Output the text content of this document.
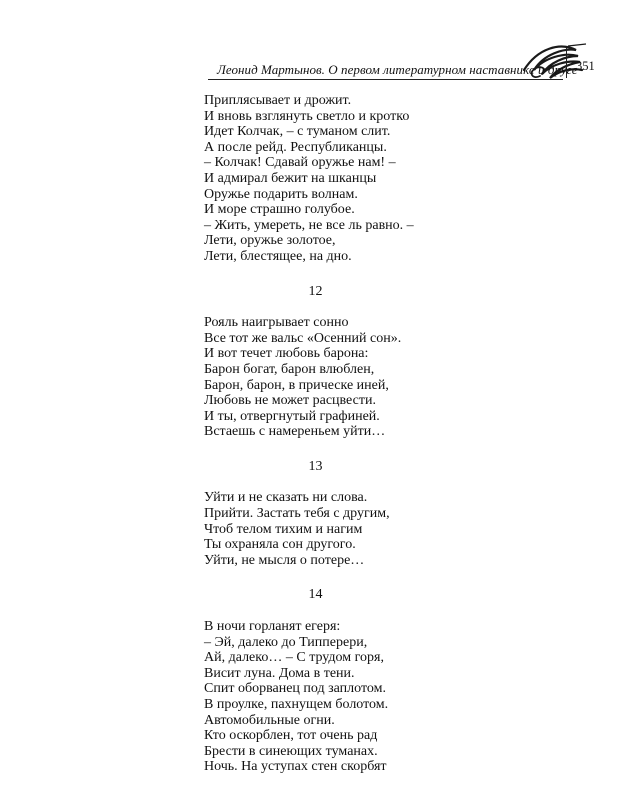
Леонид Мартынов. О первом литературном наставнике и друге
351
Приплясывает и дрожит.
И вновь взглянуть светло и кротко
Идет Колчак, – с туманом слит.
А после рейд. Республиканцы.
– Колчак! Сдавай оружье нам! –
И адмирал бежит на шканцы
Оружье подарить волнам.
И море страшно голубое.
– Жить, умереть, не все ль равно. –
Лети, оружье золотое,
Лети, блестящее, на дно.
12
Рояль наигрывает сонно
Все тот же вальс «Осенний сон».
И вот течет любовь барона:
Барон богат, барон влюблен,
Барон, барон, в прическе иней,
Любовь не может расцвести.
И ты, отвергнутый графиней.
Встаешь с намереньем уйти…
13
Уйти и не сказать ни слова.
Прийти. Застать тебя с другим,
Чтоб телом тихим и нагим
Ты охраняла сон другого.
Уйти, не мысля о потере…
14
В ночи горланят егеря:
– Эй, далеко до Типперери,
Ай, далеко… – С трудом горя,
Висит луна. Дома в тени.
Спит оборванец под заплотом.
В проулке, пахнущем болотом.
Автомобильные огни.
Кто оскорблен, тот очень рад
Брести в синеющих туманах.
Ночь. На уступах стен скорбят
